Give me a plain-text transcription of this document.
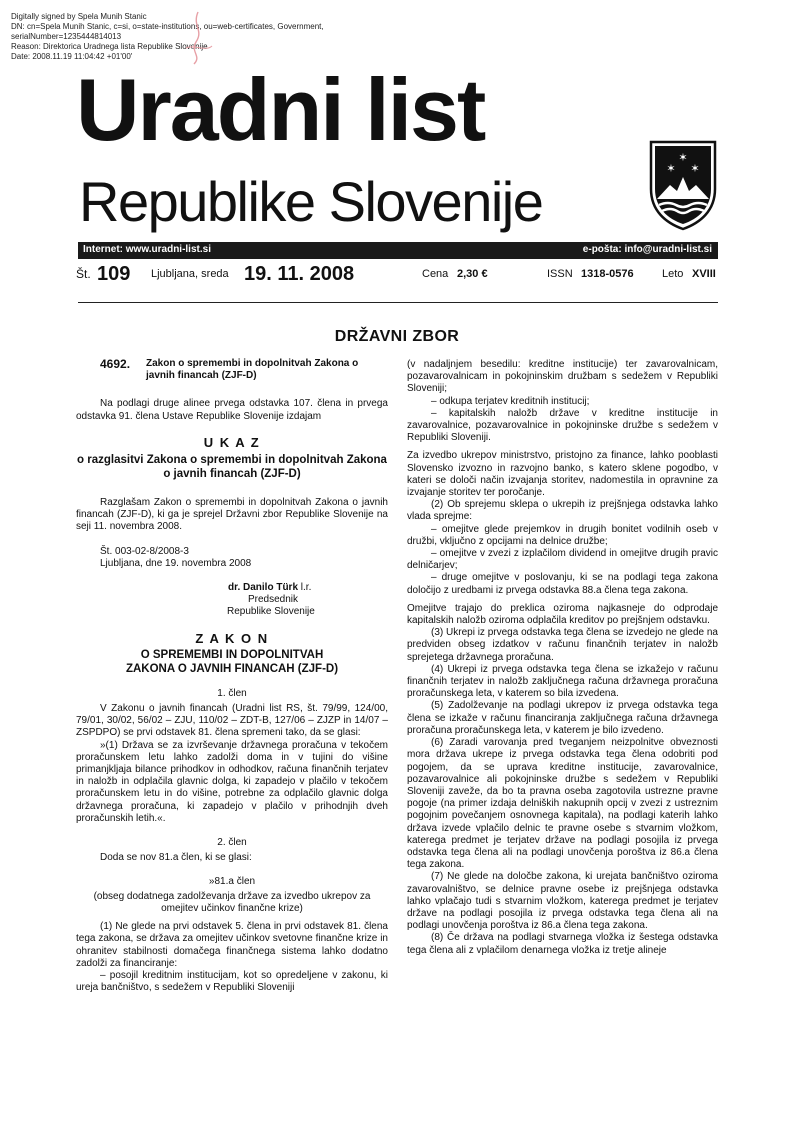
Digitally signed by Spela Munih Stanic
DN: cn=Spela Munih Stanic, c=si, o=state-institutions, ou=web-certificates, Government,
serialNumber=1235444814013
Reason: Direktorica Uradnega lista Republike Slovenije
Date: 2008.11.19 11:04:42 +01'00'
Uradni list
Republike Slovenije
✶
✶ ✶
Internet: www.uradni-list.si	e-pošta: info@uradni-list.si
Št. 109 Ljubljana, sreda 19. 11. 2008	Cena 2,30 €	ISSN 1318-0576	Leto XVIII
DRŽAVNI ZBOR
4692.	Zakon o spremembi in dopolnitvah Zakona o javnih financah (ZJF-D)

Na podlagi druge alinee prvega odstavka 107. člena in prvega odstavka 91. člena Ustave Republike Slovenije izdajam

U K A Z

o razglasitvi Zakona o spremembi in dopolnitvah Zakona o javnih financah (ZJF-D)

Razglašam Zakon o spremembi in dopolnitvah Zakona o javnih financah (ZJF-D), ki ga je sprejel Državni zbor Republike Slovenije na seji 11. novembra 2008.

Št. 003-02-8/2008-3

Ljubljana, dne 19. novembra 2008

dr. Danilo Türk l.r.

Predsednik

Republike Slovenije

Z A K O N

O SPREMEMBI IN DOPOLNITVAH

ZAKONA O JAVNIH FINANCAH (ZJF-D)

1. člen

V Zakonu o javnih financah (Uradni list RS, št. 79/99, 124/00, 79/01, 30/02, 56/02 – ZJU, 110/02 – ZDT-B, 127/06 – ZJZP in 14/07 – ZSPDPO) se prvi odstavek 81. člena spremeni tako, da se glasi:

»(1) Država se za izvrševanje državnega proračuna v tekočem proračunskem letu lahko zadolži doma in v tujini do višine primanjkljaja bilance prihodkov in odhodkov, računa finančnih terjatev in naložb in odplačila glavnic dolga, ki zapadejo v plačilo v tekočem proračunskem letu in do višine, potrebne za odplačilo glavnic dolga državnega proračuna, ki zapadejo v plačilo v prihodnjih dveh proračunskih letih.«.

2. člen

Doda se nov 81.a člen, ki se glasi:

»81.a člen

(obseg dodatnega zadolževanja države za izvedbo ukrepov za omejitev učinkov finančne krize)

(1) Ne glede na prvi odstavek 5. člena in prvi odstavek 81. člena tega zakona, se država za omejitev učinkov svetovne finančne krize in ohranitev stabilnosti domačega finančnega sistema lahko dodatno zadolži za financiranje:

– posojil kreditnim institucijam, kot so opredeljene v zakonu, ki ureja bančništvo, s sedežem v Republiki Sloveniji

(v nadaljnjem besedilu: kreditne institucije) ter zavarovalnicam, pozavarovalnicam in pokojninskim družbam s sedežem v Republiki Sloveniji;

– odkupa terjatev kreditnih institucij;

– kapitalskih naložb države v kreditne institucije in zavarovalnice, pozavarovalnice in pokojninske družbe s sedežem v Republiki Sloveniji.

Za izvedbo ukrepov ministrstvo, pristojno za finance, lahko pooblasti Slovensko izvozno in razvojno banko, s katero sklene pogodbo, v kateri se določi način izvajanja storitev, nadomestila in opravnine za izvajanje storitev ter poročanje.

(2) Ob sprejemu sklepa o ukrepih iz prejšnjega odstavka lahko vlada sprejme:

– omejitve glede prejemkov in drugih bonitet vodilnih oseb v družbi, vključno z opcijami na delnice družbe;

– omejitve v zvezi z izplačilom dividend in omejitve drugih pravic delničarjev;

– druge omejitve v poslovanju, ki se na podlagi tega zakona določijo z uredbami iz prvega odstavka 88.a člena tega zakona.

Omejitve trajajo do preklica oziroma najkasneje do odprodaje kapitalskih naložb oziroma odplačila kreditov po prejšnjem odstavku.

(3) Ukrepi iz prvega odstavka tega člena se izvedejo ne glede na predviden obseg izdatkov v računu finančnih terjatev in naložb sprejetega državnega proračuna.

(4) Ukrepi iz prvega odstavka tega člena se izkažejo v računu finančnih terjatev in naložb zaključnega računa državnega proračuna proračunskega leta, v katerem so bila izvedena.

(5) Zadolževanje na podlagi ukrepov iz prvega odstavka tega člena se izkaže v računu financiranja zaključnega računa državnega proračuna proračunskega leta, v katerem je bilo izvedeno.

(6) Zaradi varovanja pred tveganjem neizpolnitve obveznosti mora država ukrepe iz prvega odstavka tega člena odobriti pod pogojem, da se uprava kreditne institucije, zavarovalnice, pozavarovalnice ali pokojninske družbe s sedežem v Republiki Sloveniji zaveže, da bo ta pravna oseba zagotovila ustrezne pravne pogoje (na primer izdaja delniških nakupnih opcij v zvezi z ustreznim pogojnim povečanjem osnovnega kapitala), na podlagi katerih lahko država izvede vplačilo delnic te pravne osebe s stvarnim vložkom, katerega predmet je terjatev države na podlagi posojila iz prvega odstavka tega člena ali na podlagi unovčenja poroštva iz 86.a člena tega zakona.

(7) Ne glede na določbe zakona, ki urejata bančništvo oziroma zavarovalništvo, se delnice pravne osebe iz prejšnjega odstavka lahko vplačajo tudi s stvarnim vložkom, katerega predmet je terjatev države na podlagi posojila iz prvega odstavka tega člena ali na podlagi unovčenja poroštva iz 86.a člena tega zakona.

(8) Če država na podlagi stvarnega vložka iz šestega odstavka tega člena ali z vplačilom denarnega vložka iz tretje alineje
